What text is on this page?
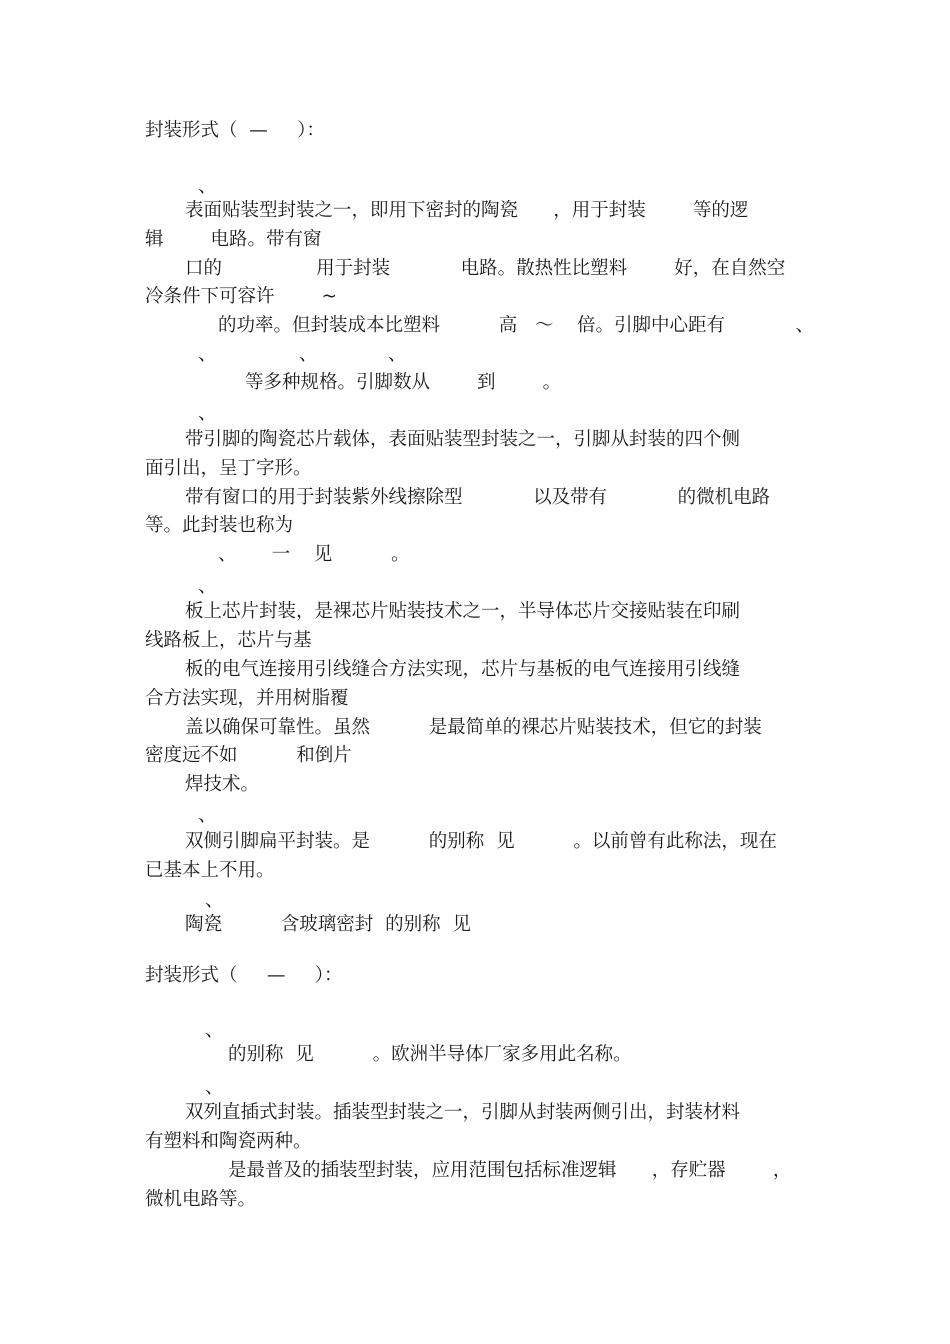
封装形式（  —     ）：

、

表面贴装型封装之一，即用下密封的陶瓷      ，用于封装        等的逻

辑        电路。带有窗

口的                用于封装            电路。散热性比塑料        好，在自然空

冷条件下可容许        ~

的功率。但封装成本比塑料          高   ～    倍。引脚中心距有            、

、              、            、

等多种规格。引脚数从        到        。

、

带引脚的陶瓷芯片载体，表面贴装型封装之一，引脚从封装的四个侧

面引出，呈丁字形。

带有窗口的用于封装紫外线擦除型            以及带有            的微机电路

等。此封装也称为

、      一    见          。

、

板上芯片封装，是裸芯片贴装技术之一，半导体芯片交接贴装在印刷

线路板上，芯片与基

板的电气连接用引线缝合方法实现，芯片与基板的电气连接用引线缝

合方法实现，并用树脂覆

盖以确保可靠性。虽然          是最简单的裸芯片贴装技术，但它的封装

密度远不如          和倒片

焊技术。

、

双侧引脚扁平封装。是          的别称  见          。以前曾有此称法，现在

已基本上不用。

、

陶瓷          含玻璃密封  的别称  见

封装形式（     —     ）：

、

的别称  见          。欧洲半导体厂家多用此名称。

、

双列直插式封装。插装型封装之一，引脚从封装两侧引出，封装材料

有塑料和陶瓷两种。

是最普及的插装型封装，应用范围包括标准逻辑      ，存贮器        ，

微机电路等。
